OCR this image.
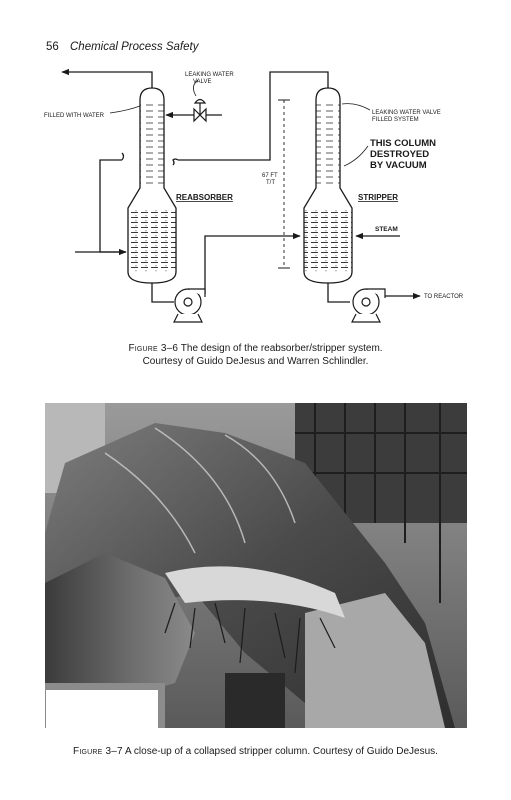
56 Chemical Process Safety
LEAKING WATER
VALVE
FILLED WITH WATER	LEAKING WATER VALVE
FILLED SYSTEM
THIS COLUMN
DESTROYED
BY VACUUM
67 FT
T/T
REABSORBER	STRIPPER
STEAM
TO REACTOR
Figure 3–6 The design of the reabsorber/stripper system.
Courtesy of Guido DeJesus and Warren Schlindler.
Figure 3–7 A close-up of a collapsed stripper column. Courtesy of Guido DeJesus.
